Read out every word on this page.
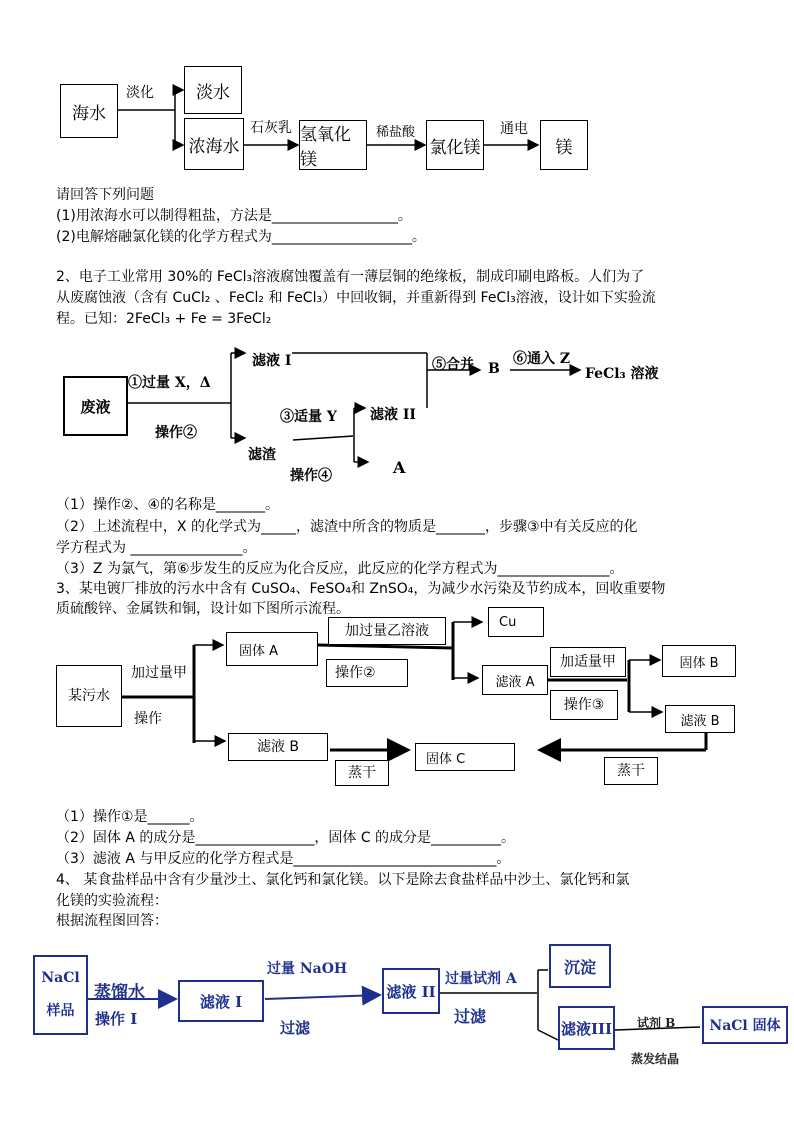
海水
淡化 淡水
浓海水
石灰乳 氢氧化镁
稀盐酸
氯化镁
通电
镁
请回答下列问题
(1)用浓海水可以制得粗盐，方法是__________________。
(2)电解熔融氯化镁的化学方程式为____________________。
2、电子工业常用 30%的 FeCl₃溶液腐蚀覆盖有一薄层铜的绝缘板，制成印刷电路板。人们为了
从废腐蚀液（含有 CuCl₂ 、FeCl₂ 和 FeCl₃）中回收铜，并重新得到 FeCl₃溶液，设计如下实验流
程。已知：2FeCl₃ + Fe = 3FeCl₂
废液
①过量 X，Δ
操作②
滤液 I
滤渣
③适量 Y
操作④
滤液 II
A
⑤合并 B
⑥通入 Z
FeCl₃ 溶液
（1）操作②、④的名称是_______。
（2）上述流程中，X 的化学式为_____，滤渣中所含的物质是_______，步骤③中有关反应的化
学方程式为 ________________。
（3）Z 为氯气，第⑥步发生的反应为化合反应，此反应的化学方程式为________________。
3、某电镀厂排放的污水中含有 CuSO₄、FeSO₄和 ZnSO₄，为减少水污染及节约成本，回收重要物
质硫酸锌、金属铁和铜，设计如下图所示流程。
某污水
加过量甲
操作
固体 A
加过量乙溶液
操作②
Cu
滤液 A
加适量甲
操作③
固体 B
滤液 B
滤液 B
蒸干
固体 C
蒸干
（1）操作①是______。
（2）固体 A 的成分是_________________，固体 C 的成分是__________。
（3）滤液 A 与甲反应的化学方程式是_____________________________。
4、 某食盐样品中含有少量沙土、氯化钙和氯化镁。以下是除去食盐样品中沙土、氯化钙和氯
化镁的实验流程：
根据流程图回答：
NaCl
样品
蒸馏水
操作 I
滤液 I
过量 NaOH
过滤
滤液 II
过量试剂 A
过滤
沉淀
滤液III 试剂 B
蒸发结晶
NaCl 固体
